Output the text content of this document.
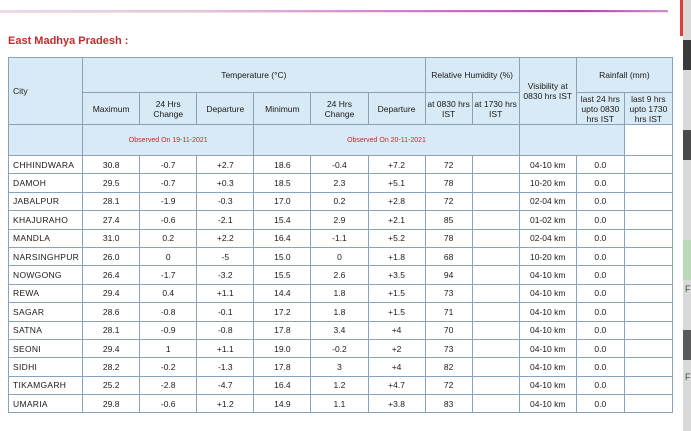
F
F
East Madhya Pradesh :
City	Temperature (°C)						Relative Humidity (%)		Visibility at 0830 hrs IST	Rainfall (mm)	
	Maximum	24 Hrs Change	Departure	Minimum	24 Hrs Change	Departure	at 0830 hrs IST	at 1730 hrs IST		last 24 hrs upto 0830 hrs IST	last 9 hrs upto 1730 hrs IST
	Observed On 19-11-2021			Observed On 20-11-2021							
CHHINDWARA	30.8	-0.7	+2.7	18.6	-0.4	+7.2	72		04-10 km	0.0	
DAMOH	29.5	-0.7	+0.3	18.5	2.3	+5.1	78		10-20 km	0.0	
JABALPUR	28.1	-1.9	-0.3	17.0	0.2	+2.8	72		02-04 km	0.0	
KHAJURAHO	27.4	-0.6	-2.1	15.4	2.9	+2.1	85		01-02 km	0.0	
MANDLA	31.0	0.2	+2.2	16.4	-1.1	+5.2	78		02-04 km	0.0	
NARSINGHPUR	26.0	0	-5	15.0	0	+1.8	68		10-20 km	0.0	
NOWGONG	26.4	-1.7	-3.2	15.5	2.6	+3.5	94		04-10 km	0.0	
REWA	29.4	0.4	+1.1	14.4	1.8	+1.5	73		04-10 km	0.0	
SAGAR	28.6	-0.8	-0.1	17.2	1.8	+1.5	71		04-10 km	0.0	
SATNA	28.1	-0.9	-0.8	17.8	3.4	+4	70		04-10 km	0.0	
SEONI	29.4	1	+1.1	19.0	-0.2	+2	73		04-10 km	0.0	
SIDHI	28.2	-0.2	-1.3	17.8	3	+4	82		04-10 km	0.0	
TIKAMGARH	25.2	-2.8	-4.7	16.4	1.2	+4.7	72		04-10 km	0.0	
UMARIA	29.8	-0.6	+1.2	14.9	1.1	+3.8	83		04-10 km	0.0	
